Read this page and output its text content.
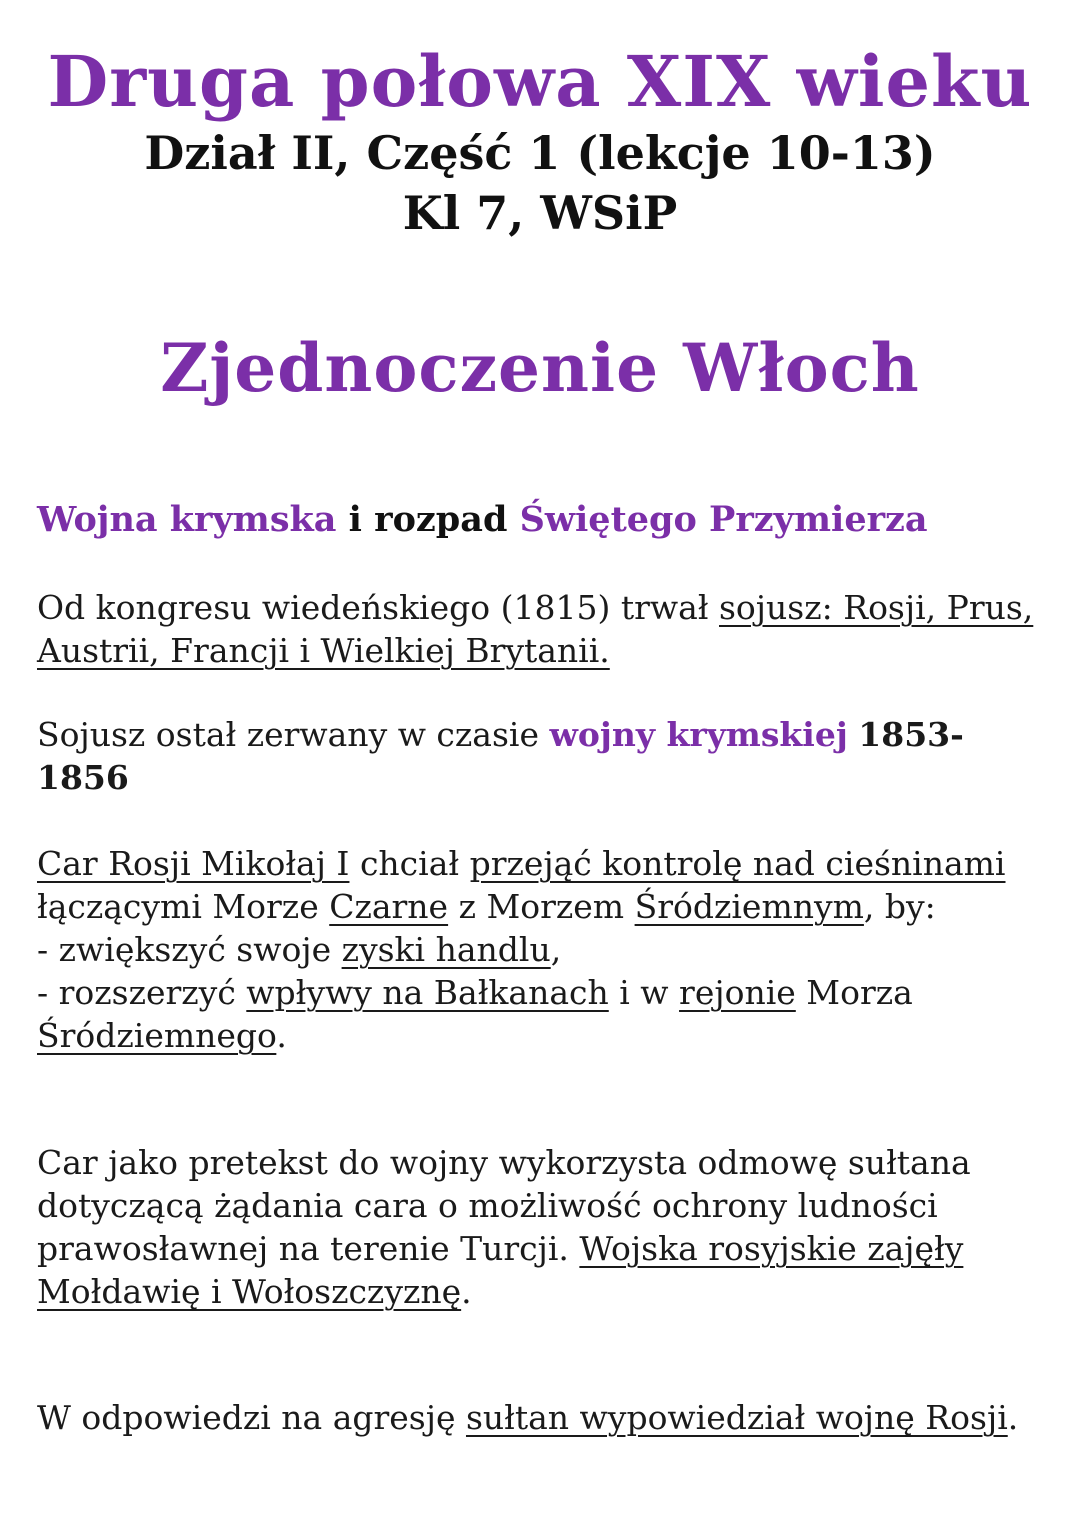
Druga połowa XIX wieku
Dział II, Część 1 (lekcje 10-13)
Kl 7, WSiP
Zjednoczenie Włoch
Wojna krymska i rozpad Świętego Przymierza

Od kongresu wiedeńskiego (1815) trwał sojusz: Rosji, Prus, Austrii, Francji i Wielkiej Brytanii.

Sojusz ostał zerwany w czasie wojny krymskiej 1853-1856

Car Rosji Mikołaj I chciał przejąć kontrolę nad cieśninami łączącymi Morze Czarne z Morzem Śródziemnym, by:
- zwiększyć swoje zyski handlu,
- rozszerzyć wpływy na Bałkanach i w rejonie Morza Śródziemnego.

Car jako pretekst do wojny wykorzysta odmowę sułtana dotyczącą żądania cara o możliwość ochrony ludności prawosławnej na terenie Turcji. Wojska rosyjskie zajęły Mołdawię i Wołoszczyznę.

W odpowiedzi na agresję sułtan wypowiedział wojnę Rosji.
